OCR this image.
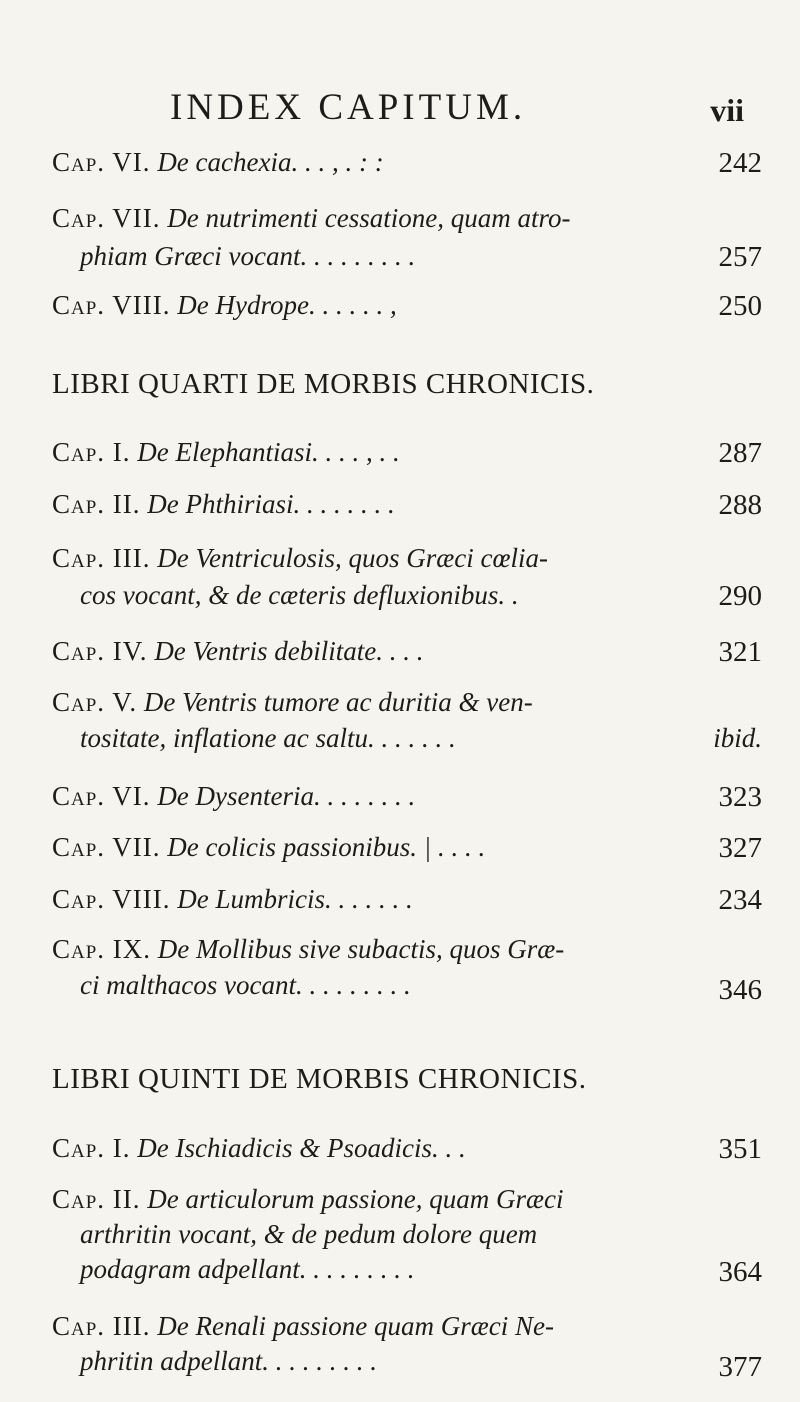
INDEX CAPITUM.	vii
Cap. VI. De cachexia. . . , . : :	242
Cap. VII. De nutrimenti cessatione, quam atro-
phiam Græci vocant. . . . . . . . .	257
Cap. VIII. De Hydrope. . . . . . ,	250
LIBRI QUARTI DE MORBIS CHRONICIS.
Cap. I. De Elephantiasi. . . . , . .	287
Cap. II. De Phthiriasi. . . . . . . .	288
Cap. III. De Ventriculosis, quos Græci cœlia-
cos vocant, & de cæteris defluxionibus. .	290
Cap. IV. De Ventris debilitate. . . .	321
Cap. V. De Ventris tumore ac duritia & ven-
tositate, inflatione ac saltu. . . . . . .	ibid.
Cap. VI. De Dysenteria. . . . . . . .	323
Cap. VII. De colicis passionibus. | . . . .	327
Cap. VIII. De Lumbricis. . . . . . .	234
Cap. IX. De Mollibus sive subactis, quos Græ-
ci malthacos vocant. . . . . . . . .	346
LIBRI QUINTI DE MORBIS CHRONICIS.
Cap. I. De Ischiadicis & Psoadicis. . .	351
Cap. II. De articulorum passione, quam Græci
arthritin vocant, & de pedum dolore quem
podagram adpellant. . . . . . . . .	364
Cap. III. De Renali passione quam Græci Ne-
phritin adpellant. . . . . . . . .	377
